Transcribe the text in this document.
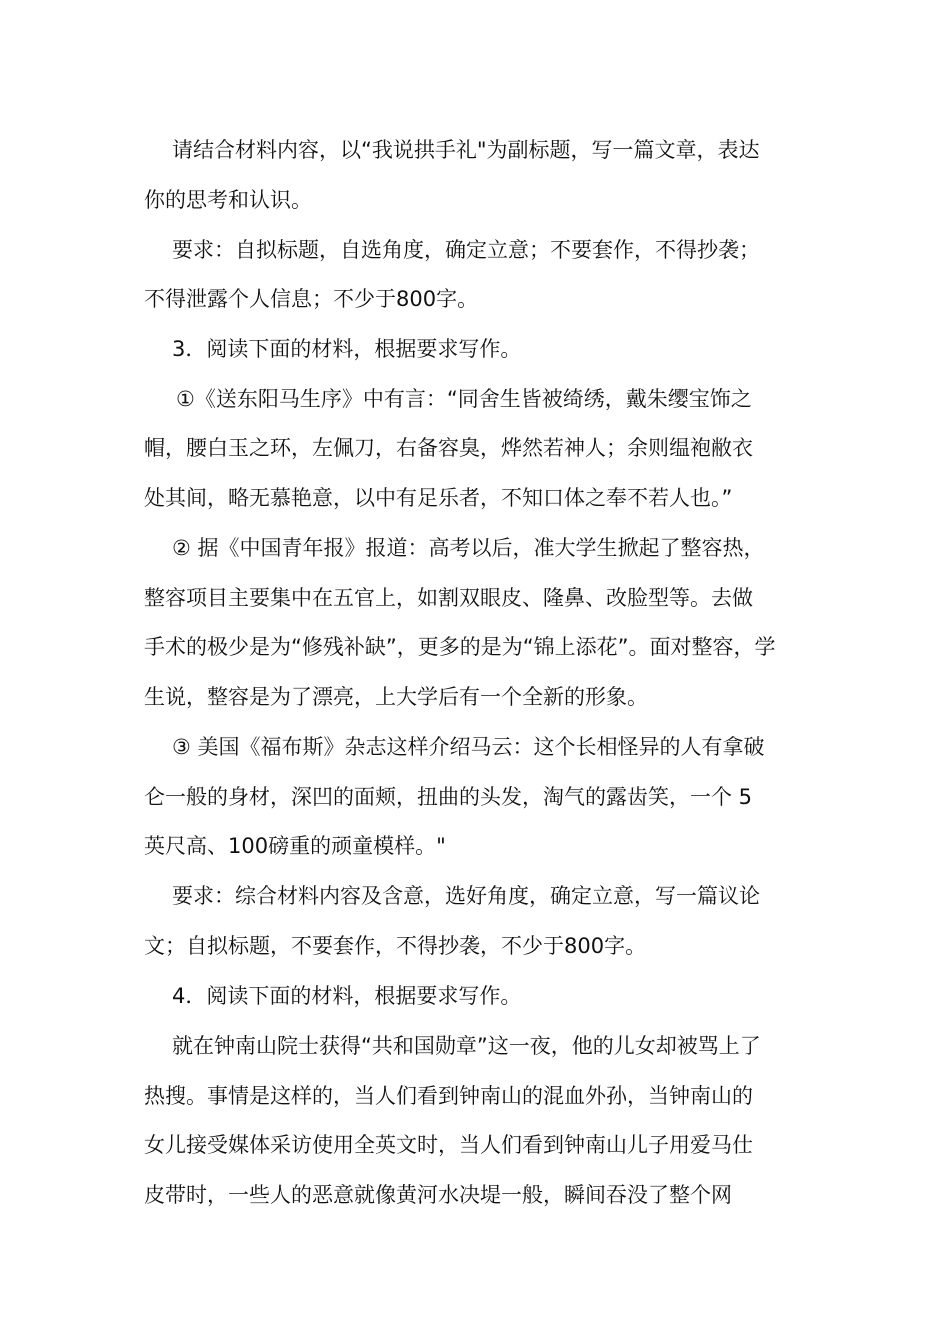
请结合材料内容，以“我说拱手礼"为副标题，写一篇文章，表达
你的思考和认识。
要求：自拟标题，自选角度，确定立意；不要套作，不得抄袭；
不得泄露个人信息；不少于800字。
3．阅读下面的材料，根据要求写作。
①《送东阳马生序》中有言：“同舍生皆被绮绣，戴朱缨宝饰之
帽，腰白玉之环，左佩刀，右备容臭，烨然若神人；余则缊袍敝衣
处其间，略无慕艳意，以中有足乐者，不知口体之奉不若人也。”
② 据《中国青年报》报道：高考以后，准大学生掀起了整容热，
整容项目主要集中在五官上，如割双眼皮、隆鼻、改脸型等。去做
手术的极少是为“修残补缺”，更多的是为“锦上添花”。面对整容，学
生说，整容是为了漂亮，上大学后有一个全新的形象。
③ 美国《福布斯》杂志这样介绍马云：这个长相怪异的人有拿破
仑一般的身材，深凹的面颊，扭曲的头发，淘气的露齿笑，一个 5
英尺高、100磅重的顽童模样。"
要求：综合材料内容及含意，选好角度，确定立意，写一篇议论
文；自拟标题，不要套作，不得抄袭，不少于800字。
4．阅读下面的材料，根据要求写作。
就在钟南山院士获得“共和国勋章”这一夜，他的儿女却被骂上了
热搜。事情是这样的，当人们看到钟南山的混血外孙，当钟南山的
女儿接受媒体采访使用全英文时，当人们看到钟南山儿子用爱马仕
皮带时，一些人的恶意就像黄河水决堤一般，瞬间吞没了整个网
